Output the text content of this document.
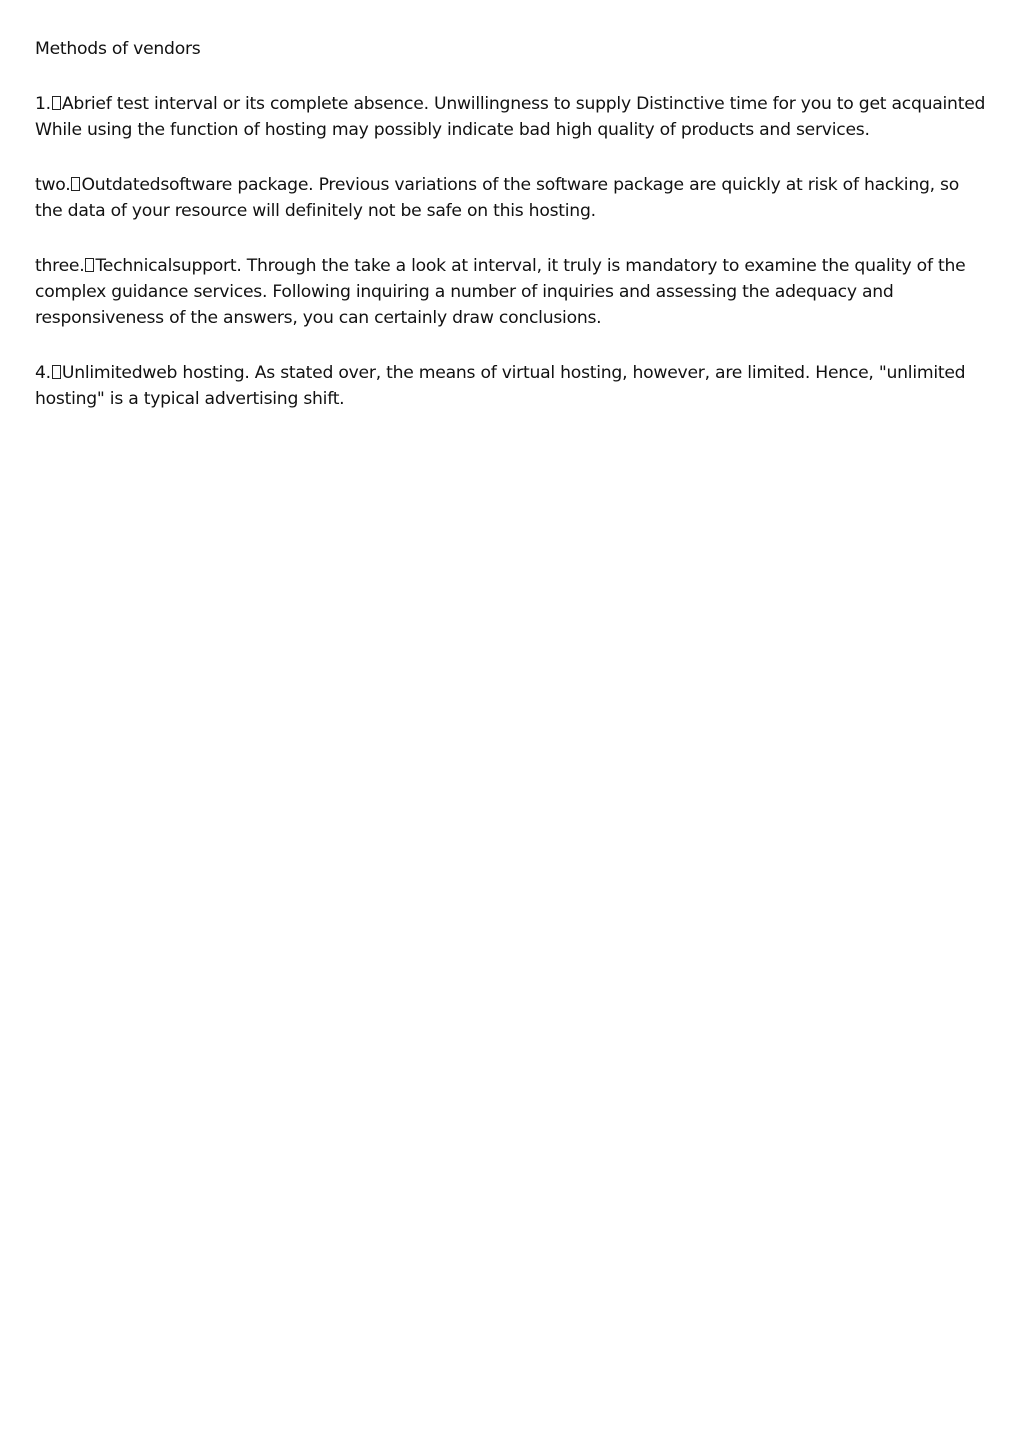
Methods of vendors

1. Abrief test interval or its complete absence. Unwillingness to supply Distinctive time for you to get acquainted While using the function of hosting may possibly indicate bad high quality of products and services.

two. Outdatedsoftware package. Previous variations of the software package are quickly at risk of hacking, so the data of your resource will definitely not be safe on this hosting.

three. Technicalsupport. Through the take a look at interval, it truly is mandatory to examine the quality of the complex guidance services. Following inquiring a number of inquiries and assessing the adequacy and responsiveness of the answers, you can certainly draw conclusions.

4. Unlimitedweb hosting. As stated over, the means of virtual hosting, however, are limited. Hence, "unlimited hosting" is a typical advertising shift.
